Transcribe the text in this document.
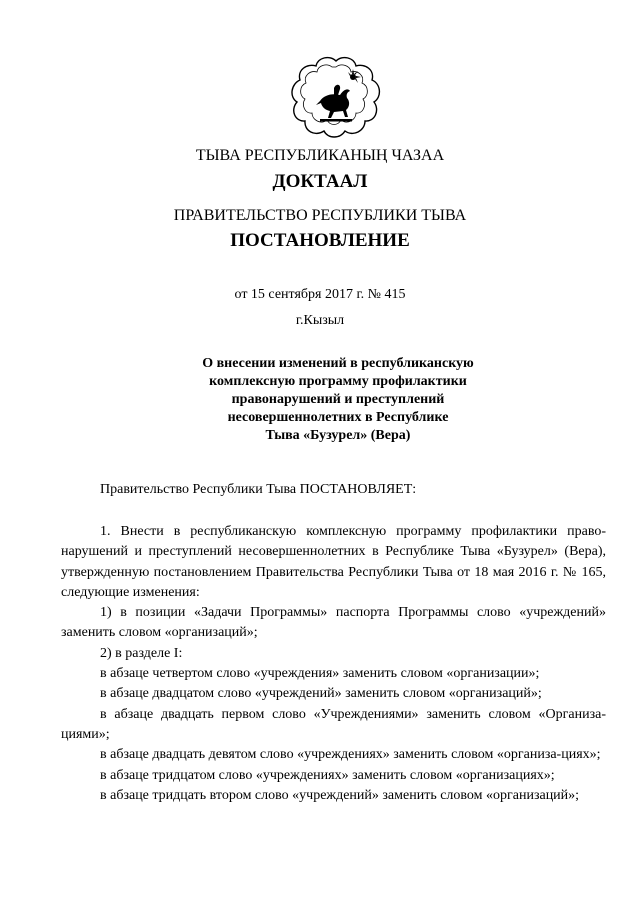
ТЫВА РЕСПУБЛИКАНЫҢ ЧАЗАА
ДОКТААЛ
ПРАВИТЕЛЬСТВО РЕСПУБЛИКИ ТЫВА
ПОСТАНОВЛЕНИЕ
от 15 сентября 2017 г. № 415
г.Кызыл
О внесении изменений в республиканскую
комплексную программу профилактики
правонарушений и преступлений
несовершеннолетних в Республике
Тыва «Бузурел» (Вера)
Правительство Республики Тыва ПОСТАНОВЛЯЕТ:

1. Внести в республиканскую комплексную программу профилактики право-нарушений и преступлений несовершеннолетних в Республике Тыва «Бузурел» (Вера), утвержденную постановлением Правительства Республики Тыва от 18 мая 2016 г. № 165, следующие изменения:

1) в позиции «Задачи Программы» паспорта Программы слово «учреждений» заменить словом «организаций»;

2) в разделе I:

в абзаце четвертом слово «учреждения» заменить словом «организации»;

в абзаце двадцатом слово «учреждений» заменить словом «организаций»;

в абзаце двадцать первом слово «Учреждениями» заменить словом «Организа-циями»;

в абзаце двадцать девятом слово «учреждениях» заменить словом «организа-циях»;

в абзаце тридцатом слово «учреждениях» заменить словом «организациях»;

в абзаце тридцать втором слово «учреждений» заменить словом «организаций»;
